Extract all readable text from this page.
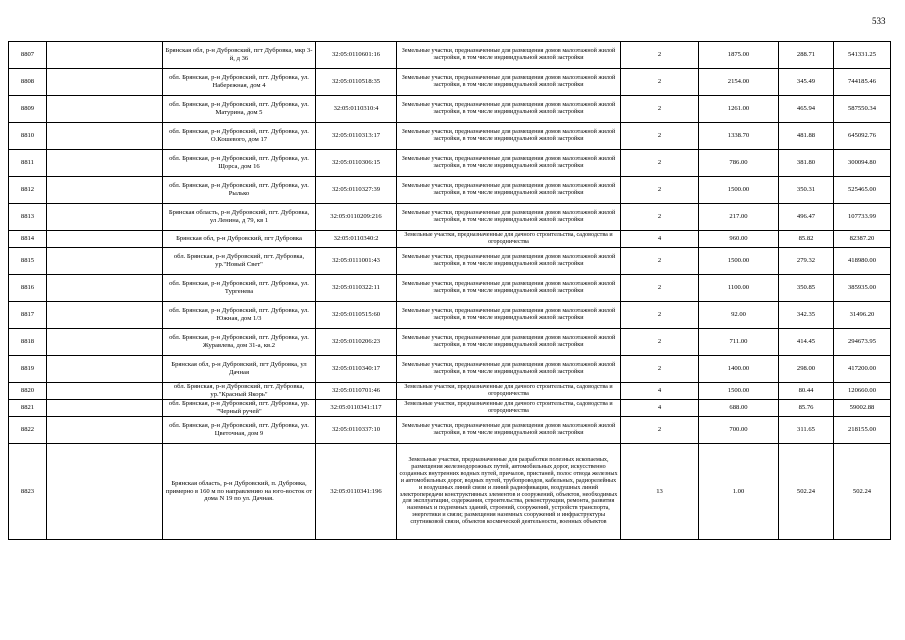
533
8807		Брянская обл, р-н Дубровский, пгт Дубровка, мкр 3-й, д 36	32:05:0110601:16	Земельные участки, предназначенные для размещения домов малоэтажной жилой застройки, в том числе индивидуальной жилой застройки	2	1875.00	288.71	541331.25
8808		обл. Брянская, р-н Дубровский, пгт. Дубровка, ул. Набережная, дом 4	32:05:0110518:35	Земельные участки, предназначенные для размещения домов малоэтажной жилой застройки, в том числе индивидуальной жилой застройки	2	2154.00	345.49	744185.46
8809		обл. Брянская, р-н Дубровский, пгт. Дубровка, ул. Матурина, дом 5	32:05:0110310:4	Земельные участки, предназначенные для размещения домов малоэтажной жилой застройки, в том числе индивидуальной жилой застройки	2	1261.00	465.94	587550.34
8810		обл. Брянская, р-н Дубровский, пгт. Дубровка, ул. О.Кошевого, дом 17	32:05:0110313:17	Земельные участки, предназначенные для размещения домов малоэтажной жилой застройки, в том числе индивидуальной жилой застройки	2	1338.70	481.88	645092.76
8811		обл. Брянская, р-н Дубровский, пгт. Дубровка, ул. Щорса, дом 16	32:05:0110306:15	Земельные участки, предназначенные для размещения домов малоэтажной жилой застройки, в том числе индивидуальной жилой застройки	2	786.00	381.80	300094.80
8812		обл. Брянская, р-н Дубровский, пгт. Дубровка, ул. Рылько	32:05:0110327:39	Земельные участки, предназначенные для размещения домов малоэтажной жилой застройки, в том числе индивидуальной жилой застройки	2	1500.00	350.31	525465.00
8813		Брянская область, р-н Дубровский, пгт. Дубровка, ул Ленина, д 79, кв 1	32:05:0110209:216	Земельные участки, предназначенные для размещения домов малоэтажной жилой застройки, в том числе индивидуальной жилой застройки	2	217.00	496.47	107733.99
8814		Брянская обл, р-н Дубровский, пгт Дубровка	32:05:0110340:2	Земельные участки, предназначенные для дачного строительства, садоводства и огородничества	4	960.00	85.82	82387.20
8815		обл. Брянская, р-н Дубровский, пгт. Дубровка, ур."Новый Свет"	32:05:0111001:43	Земельные участки, предназначенные для размещения домов малоэтажной жилой застройки, в том числе индивидуальной жилой застройки	2	1500.00	279.32	418980.00
8816		обл. Брянская, р-н Дубровский, пгт. Дубровка, ул. Тургенева	32:05:0110322:11	Земельные участки, предназначенные для размещения домов малоэтажной жилой застройки, в том числе индивидуальной жилой застройки	2	1100.00	350.85	385935.00
8817		обл. Брянская, р-н Дубровский, пгт. Дубровка, ул. Южная, дом 1/3	32:05:0110515:60	Земельные участки, предназначенные для размещения домов малоэтажной жилой застройки, в том числе индивидуальной жилой застройки	2	92.00	342.35	31496.20
8818		обл. Брянская, р-н Дубровский, пгт. Дубровка, ул. Журавлева, дом 31-а, кв.2	32:05:0110206:23	Земельные участки, предназначенные для размещения домов малоэтажной жилой застройки, в том числе индивидуальной жилой застройки	2	711.00	414.45	294673.95
8819		Брянская обл, р-н Дубровский, пгт Дубровка, ул Дачная	32:05:0110340:17	Земельные участки, предназначенные для размещения домов малоэтажной жилой застройки, в том числе индивидуальной жилой застройки	2	1400.00	298.00	417200.00
8820		обл. Брянская, р-н Дубровский, пгт. Дубровка, ур."Красный Якорь"	32:05:0110701:46	Земельные участки, предназначенные для дачного строительства, садоводства и огородничества	4	1500.00	80.44	120660.00
8821		обл. Брянская, р-н Дубровский, пгт. Дубровка, ур. "Черный ручей"	32:05:0110341:117	Земельные участки, предназначенные для дачного строительства, садоводства и огородничества	4	688.00	85.76	59002.88
8822		обл. Брянская, р-н Дубровский, пгт. Дубровка, ул. Цветочная, дом 9	32:05:0110337:10	Земельные участки, предназначенные для размещения домов малоэтажной жилой застройки, в том числе индивидуальной жилой застройки	2	700.00	311.65	218155.00
8823		Брянская область, р-н Дубровский, п. Дубровка, примерно в 160 м по направлению на юго-восток от дома N 19 по ул. Дачная.	32:05:0110341:196	Земельные участки, предназначенные для разработки полезных ископаемых, размещения железнодорожных путей, автомобильных дорог, искусственно созданных внутренних водных путей, причалов, пристаней, полос отвода железных и автомобильных дорог, водных путей, трубопроводов, кабельных, радиорелейных и воздушных линий связи и линий радиофикации, воздушных линий электропередачи конструктивных элементов и сооружений, объектов, необходимых для эксплуатации, содержания, строительства, реконструкции, ремонта, развития наземных и подземных зданий, строений, сооружений, устройств транспорта, энергетики и связи; размещения наземных сооружений и инфраструктуры спутниковой связи, объектов космической деятельности, военных объектов	13	1.00	502.24	502.24
